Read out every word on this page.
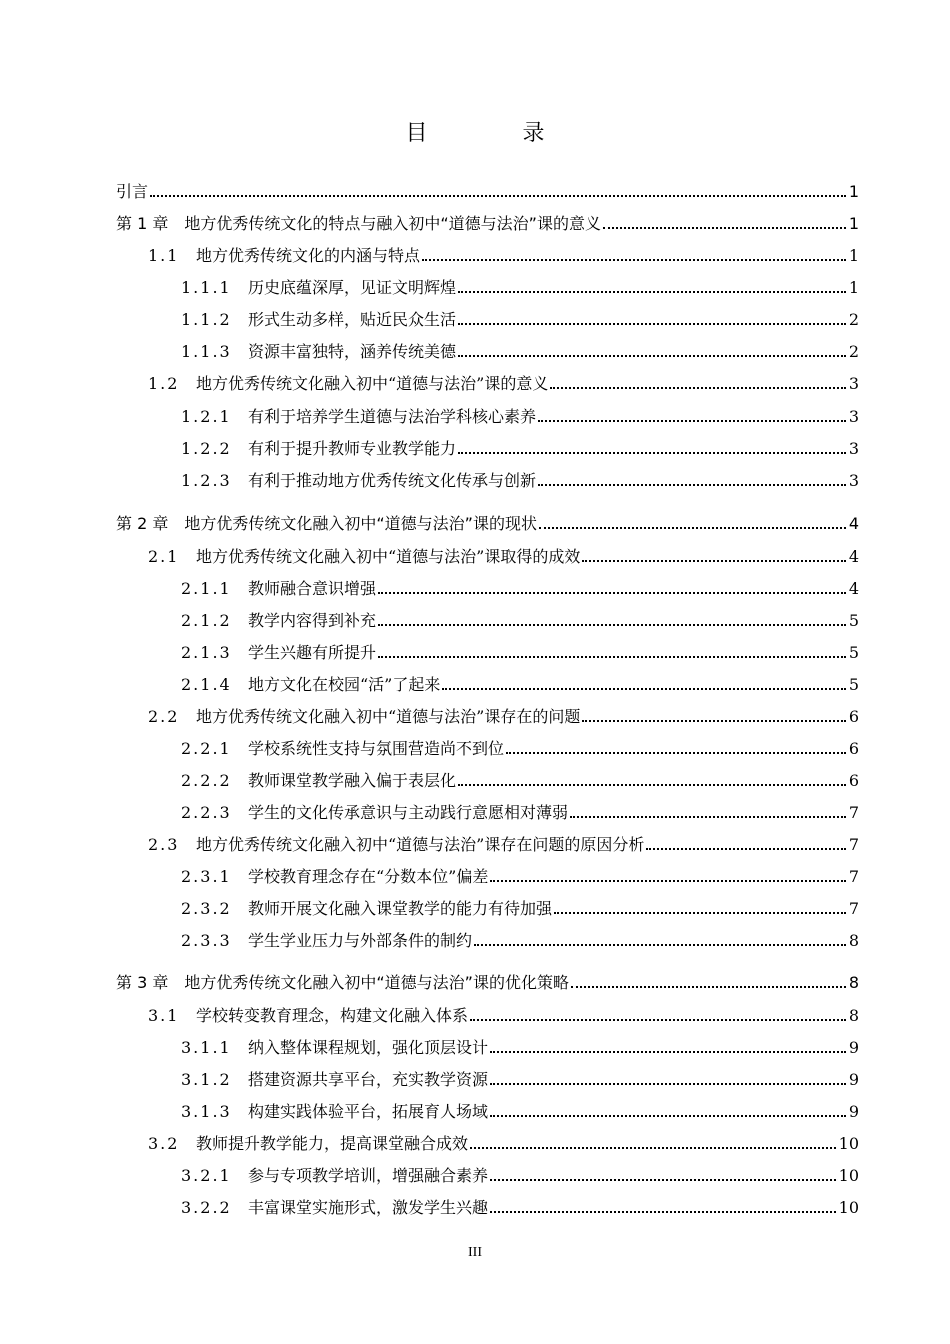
目 录
引言	1
第 1 章 地方优秀传统文化的特点与融入初中“道德与法治”课的意义	1
1.1	地方优秀传统文化的内涵与特点	1
1.1.1	历史底蕴深厚，见证文明辉煌	1
1.1.2	形式生动多样，贴近民众生活	2
1.1.3	资源丰富独特，涵养传统美德	2
1.2	地方优秀传统文化融入初中“道德与法治”课的意义	3
1.2.1	有利于培养学生道德与法治学科核心素养	3
1.2.2	有利于提升教师专业教学能力	3
1.2.3	有利于推动地方优秀传统文化传承与创新	3
第 2 章 地方优秀传统文化融入初中“道德与法治”课的现状	4
2.1	地方优秀传统文化融入初中“道德与法治”课取得的成效	4
2.1.1	教师融合意识增强	4
2.1.2	教学内容得到补充	5
2.1.3	学生兴趣有所提升	5
2.1.4	地方文化在校园“活”了起来	5
2.2	地方优秀传统文化融入初中“道德与法治”课存在的问题	6
2.2.1	学校系统性支持与氛围营造尚不到位	6
2.2.2	教师课堂教学融入偏于表层化	6
2.2.3	学生的文化传承意识与主动践行意愿相对薄弱	7
2.3	地方优秀传统文化融入初中“道德与法治”课存在问题的原因分析	7
2.3.1	学校教育理念存在“分数本位”偏差	7
2.3.2	教师开展文化融入课堂教学的能力有待加强	7
2.3.3	学生学业压力与外部条件的制约	8
第 3 章 地方优秀传统文化融入初中“道德与法治”课的优化策略	8
3.1	学校转变教育理念，构建文化融入体系	8
3.1.1	纳入整体课程规划，强化顶层设计	9
3.1.2	搭建资源共享平台，充实教学资源	9
3.1.3	构建实践体验平台，拓展育人场域	9
3.2	教师提升教学能力，提高课堂融合成效	10
3.2.1	参与专项教学培训，增强融合素养	10
3.2.2	丰富课堂实施形式，激发学生兴趣	10
III
